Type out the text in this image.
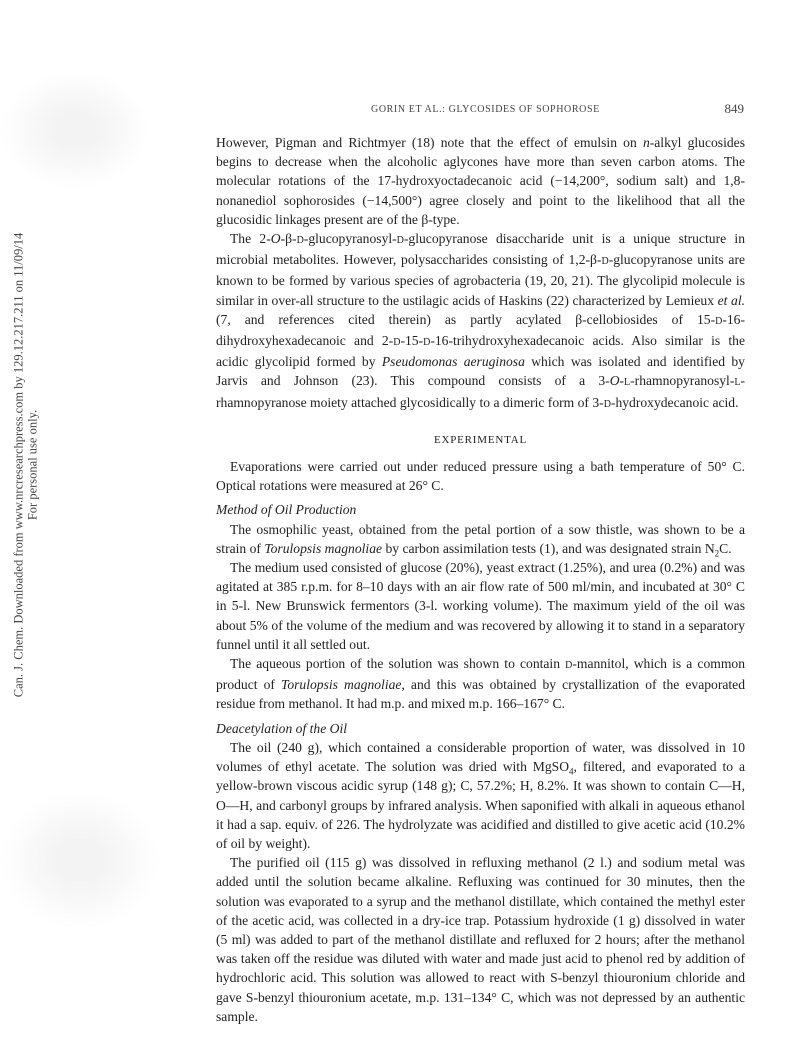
Can. J. Chem. Downloaded from www.nrcresearchpress.com by 129.12.217.211 on 11/09/14 For personal use only.
GORIN ET AL.: GLYCOSIDES OF SOPHOROSE	849

However, Pigman and Richtmyer (18) note that the effect of emulsin on n-alkyl glucosides begins to decrease when the alcoholic aglycones have more than seven carbon atoms. The molecular rotations of the 17-hydroxyoctadecanoic acid (−14,200°, sodium salt) and 1,8-nonanediol sophorosides (−14,500°) agree closely and point to the likelihood that all the glucosidic linkages present are of the β-type.

The 2-O-β-D-glucopyranosyl-D-glucopyranose disaccharide unit is a unique structure in microbial metabolites. However, polysaccharides consisting of 1,2-β-D-glucopyranose units are known to be formed by various species of agrobacteria (19, 20, 21). The glycolipid molecule is similar in over-all structure to the ustilagic acids of Haskins (22) characterized by Lemieux et al. (7, and references cited therein) as partly acylated β-cellobiosides of 15-D-16-dihydroxyhexadecanoic and 2-D-15-D-16-trihydroxyhexadecanoic acids. Also similar is the acidic glycolipid formed by Pseudomonas aeruginosa which was isolated and identified by Jarvis and Johnson (23). This compound consists of a 3-O-L-rhamnopyranosyl-L-rhamnopyranose moiety attached glycosidically to a dimeric form of 3-D-hydroxydecanoic acid.

EXPERIMENTAL

Evaporations were carried out under reduced pressure using a bath temperature of 50° C. Optical rotations were measured at 26° C.

Method of Oil Production

The osmophilic yeast, obtained from the petal portion of a sow thistle, was shown to be a strain of Torulopsis magnoliae by carbon assimilation tests (1), and was designated strain $N_2C$.

The medium used consisted of glucose (20%), yeast extract (1.25%), and urea (0.2%) and was agitated at 385 r.p.m. for 8–10 days with an air flow rate of 500 ml/min, and incubated at 30° C in 5-l. New Brunswick fermentors (3-l. working volume). The maximum yield of the oil was about 5% of the volume of the medium and was recovered by allowing it to stand in a separatory funnel until it all settled out.

The aqueous portion of the solution was shown to contain D-mannitol, which is a common product of Torulopsis magnoliae, and this was obtained by crystallization of the evaporated residue from methanol. It had m.p. and mixed m.p. 166–167° C.

Deacetylation of the Oil

The oil (240 g), which contained a considerable proportion of water, was dissolved in 10 volumes of ethyl acetate. The solution was dried with MgSO$_4$, filtered, and evaporated to a yellow-brown viscous acidic syrup (148 g); C, 57.2%; H, 8.2%. It was shown to contain C—H, O—H, and carbonyl groups by infrared analysis. When saponified with alkali in aqueous ethanol it had a sap. equiv. of 226. The hydrolyzate was acidified and distilled to give acetic acid (10.2% of oil by weight).

The purified oil (115 g) was dissolved in refluxing methanol (2 l.) and sodium metal was added until the solution became alkaline. Refluxing was continued for 30 minutes, then the solution was evaporated to a syrup and the methanol distillate, which contained the methyl ester of the acetic acid, was collected in a dry-ice trap. Potassium hydroxide (1 g) dissolved in water (5 ml) was added to part of the methanol distillate and refluxed for 2 hours; after the methanol was taken off the residue was diluted with water and made just acid to phenol red by addition of hydrochloric acid. This solution was allowed to react with S-benzyl thiouronium chloride and gave S-benzyl thiouronium acetate, m.p. 131–134° C, which was not depressed by an authentic sample.
